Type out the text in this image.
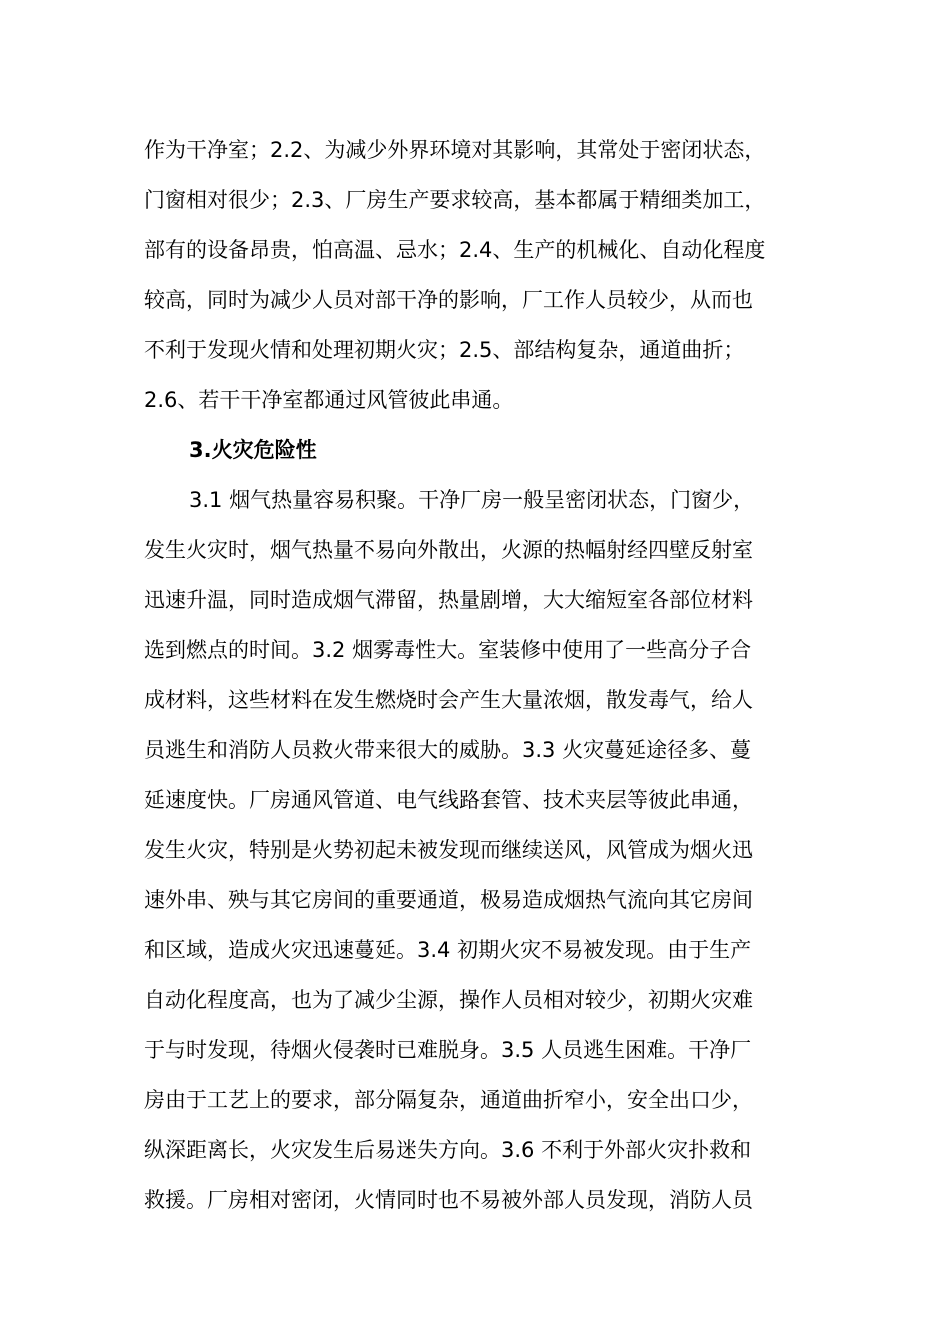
作为干净室；2.2、为减少外界环境对其影响，其常处于密闭状态，
门窗相对很少；2.3、厂房生产要求较高，基本都属于精细类加工，
部有的设备昂贵，怕高温、忌水；2.4、生产的机械化、自动化程度
较高，同时为减少人员对部干净的影响，厂工作人员较少，从而也
不利于发现火情和处理初期火灾；2.5、部结构复杂，通道曲折；
2.6、若干干净室都通过风管彼此串通。
3.火灾危险性
3.1 烟气热量容易积聚。干净厂房一般呈密闭状态，门窗少，
发生火灾时，烟气热量不易向外散出，火源的热幅射经四壁反射室
迅速升温，同时造成烟气滞留，热量剧增，大大缩短室各部位材料
选到燃点的时间。3.2 烟雾毒性大。室装修中使用了一些高分子合
成材料，这些材料在发生燃烧时会产生大量浓烟，散发毒气，给人
员逃生和消防人员救火带来很大的威胁。3.3 火灾蔓延途径多、蔓
延速度快。厂房通风管道、电气线路套管、技术夹层等彼此串通，
发生火灾，特别是火势初起未被发现而继续送风，风管成为烟火迅
速外串、殃与其它房间的重要通道，极易造成烟热气流向其它房间
和区域，造成火灾迅速蔓延。3.4 初期火灾不易被发现。由于生产
自动化程度高，也为了减少尘源，操作人员相对较少，初期火灾难
于与时发现，待烟火侵袭时已难脱身。3.5 人员逃生困难。干净厂
房由于工艺上的要求，部分隔复杂，通道曲折窄小，安全出口少，
纵深距离长，火灾发生后易迷失方向。3.6 不利于外部火灾扑救和
救援。厂房相对密闭，火情同时也不易被外部人员发现，消防人员
